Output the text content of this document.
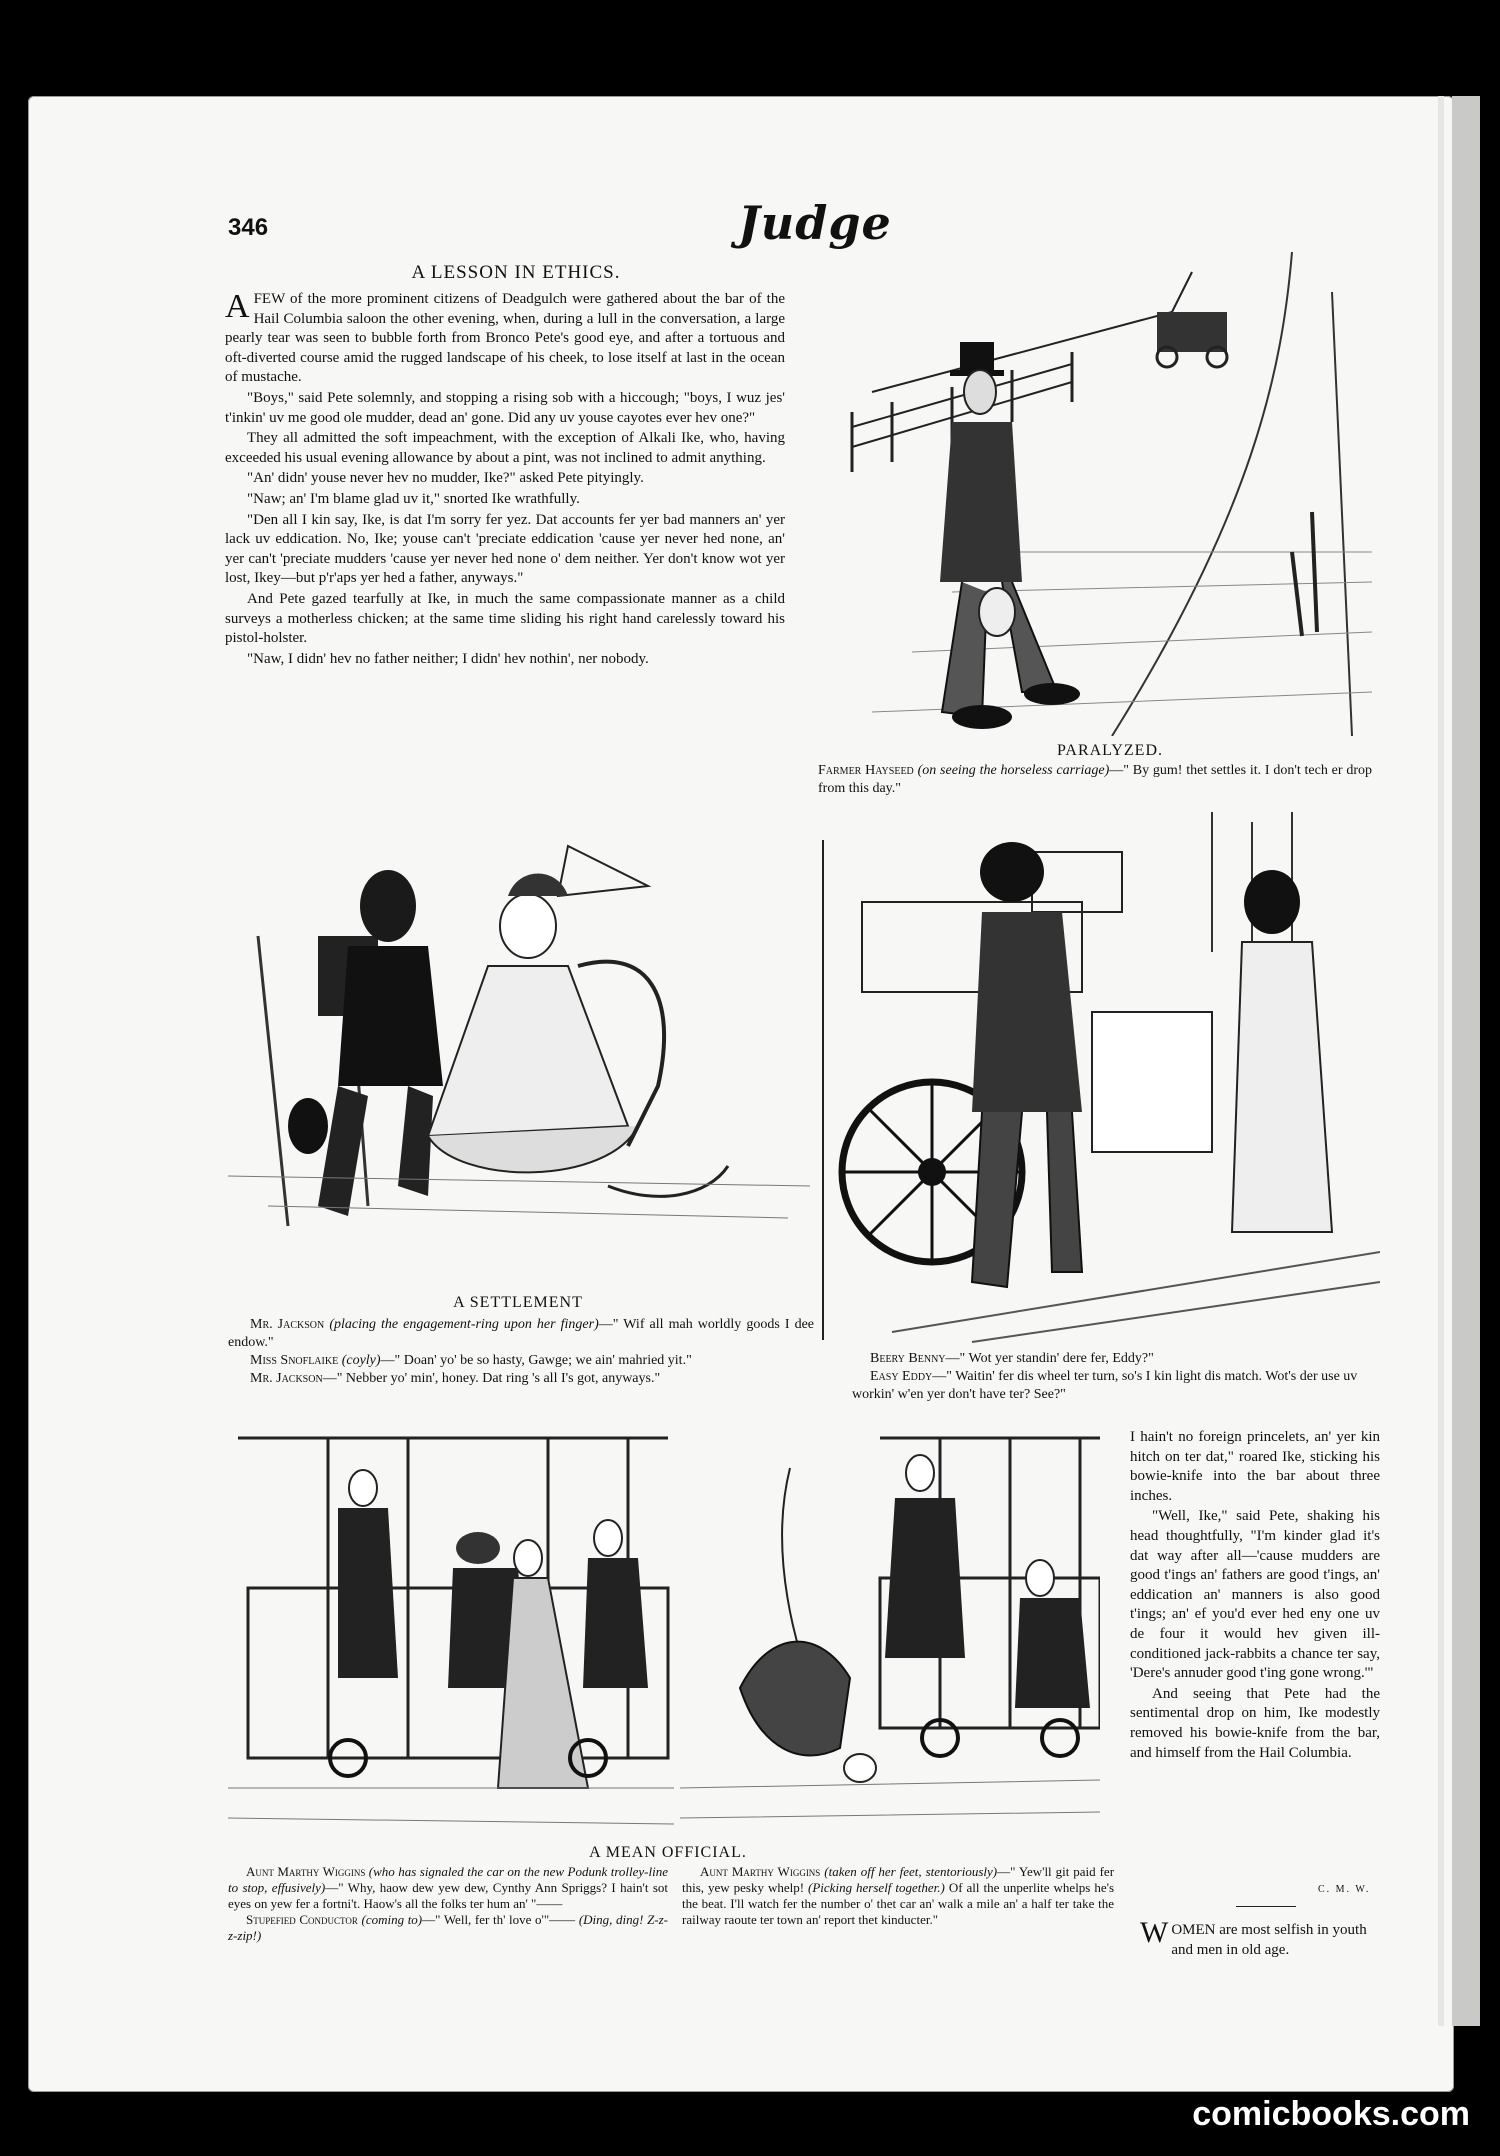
346	Judge
A LESSON IN ETHICS.

AFEW of the more prominent citizens of Deadgulch were gathered about the bar of the Hail Columbia saloon the other evening, when, during a lull in the conversation, a large pearly tear was seen to bubble forth from Bronco Pete's good eye, and after a tortuous and oft-diverted course amid the rugged landscape of his cheek, to lose itself at last in the ocean of mustache.

"Boys," said Pete solemnly, and stopping a rising sob with a hiccough; "boys, I wuz jes' t'inkin' uv me good ole mudder, dead an' gone. Did any uv youse cayotes ever hev one?"

They all admitted the soft impeachment, with the exception of Alkali Ike, who, having exceeded his usual evening allowance by about a pint, was not inclined to admit anything.

"An' didn' youse never hev no mudder, Ike?" asked Pete pityingly.

"Naw; an' I'm blame glad uv it," snorted Ike wrathfully.

"Den all I kin say, Ike, is dat I'm sorry fer yez. Dat accounts fer yer bad manners an' yer lack uv eddication. No, Ike; youse can't 'preciate eddication 'cause yer never hed none, an' yer can't 'preciate mudders 'cause yer never hed none o' dem neither. Yer don't know wot yer lost, Ikey—but p'r'aps yer hed a father, anyways."

And Pete gazed tearfully at Ike, in much the same compassionate manner as a child surveys a motherless chicken; at the same time sliding his right hand carelessly toward his pistol-holster.

"Naw, I didn' hev no father neither; I didn' hev nothin', ner nobody.

PARALYZED.

Farmer Hayseed (on seeing the horseless carriage)—" By gum! thet settles it. I don't tech er drop from this day."

A SETTLEMENT

Mr. Jackson (placing the engagement-ring upon her finger)—" Wif all mah worldly goods I dee endow."

Miss Snoflaike (coyly)—" Doan' yo' be so hasty, Gawge; we ain' mahried yit."

Mr. Jackson—" Nebber yo' min', honey. Dat ring 's all I's got, anyways."

Beery Benny—" Wot yer standin' dere fer, Eddy?"

Easy Eddy—" Waitin' fer dis wheel ter turn, so's I kin light dis match. Wot's der use uv workin' w'en yer don't have ter? See?"

A MEAN OFFICIAL.

Aunt Marthy Wiggins (who has signaled the car on the new Podunk trolley-line to stop, effusively)—" Why, haow dew yew dew, Cynthy Ann Spriggs? I hain't sot eyes on yew fer a fortni't. Haow's all the folks ter hum an' "——

Stupefied Conductor (coming to)—" Well, fer th' love o'"—— (Ding, ding! Z-z-z-zip!)

Aunt Marthy Wiggins (taken off her feet, stentoriously)—" Yew'll git paid fer this, yew pesky whelp! (Picking herself together.) Of all the unperlite whelps he's the beat. I'll watch fer the number o' thet car an' walk a mile an' a half ter take the railway raoute ter town an' report thet kinducter."

I hain't no foreign princelets, an' yer kin hitch on ter dat," roared Ike, sticking his bowie-knife into the bar about three inches.

"Well, Ike," said Pete, shaking his head thoughtfully, "I'm kinder glad it's dat way after all—'cause mudders are good t'ings an' fathers are good t'ings, an' eddication an' manners is also good t'ings; an' ef you'd ever hed eny one uv de four it would hev given ill-conditioned jack-rabbits a chance ter say, 'Dere's annuder good t'ing gone wrong.'"

And seeing that Pete had the sentimental drop on him, Ike modestly removed his bowie-knife from the bar, and himself from the Hail Columbia.

C. M. W.
WOMEN are most selfish in youth and men in old age.
comicbooks.com
